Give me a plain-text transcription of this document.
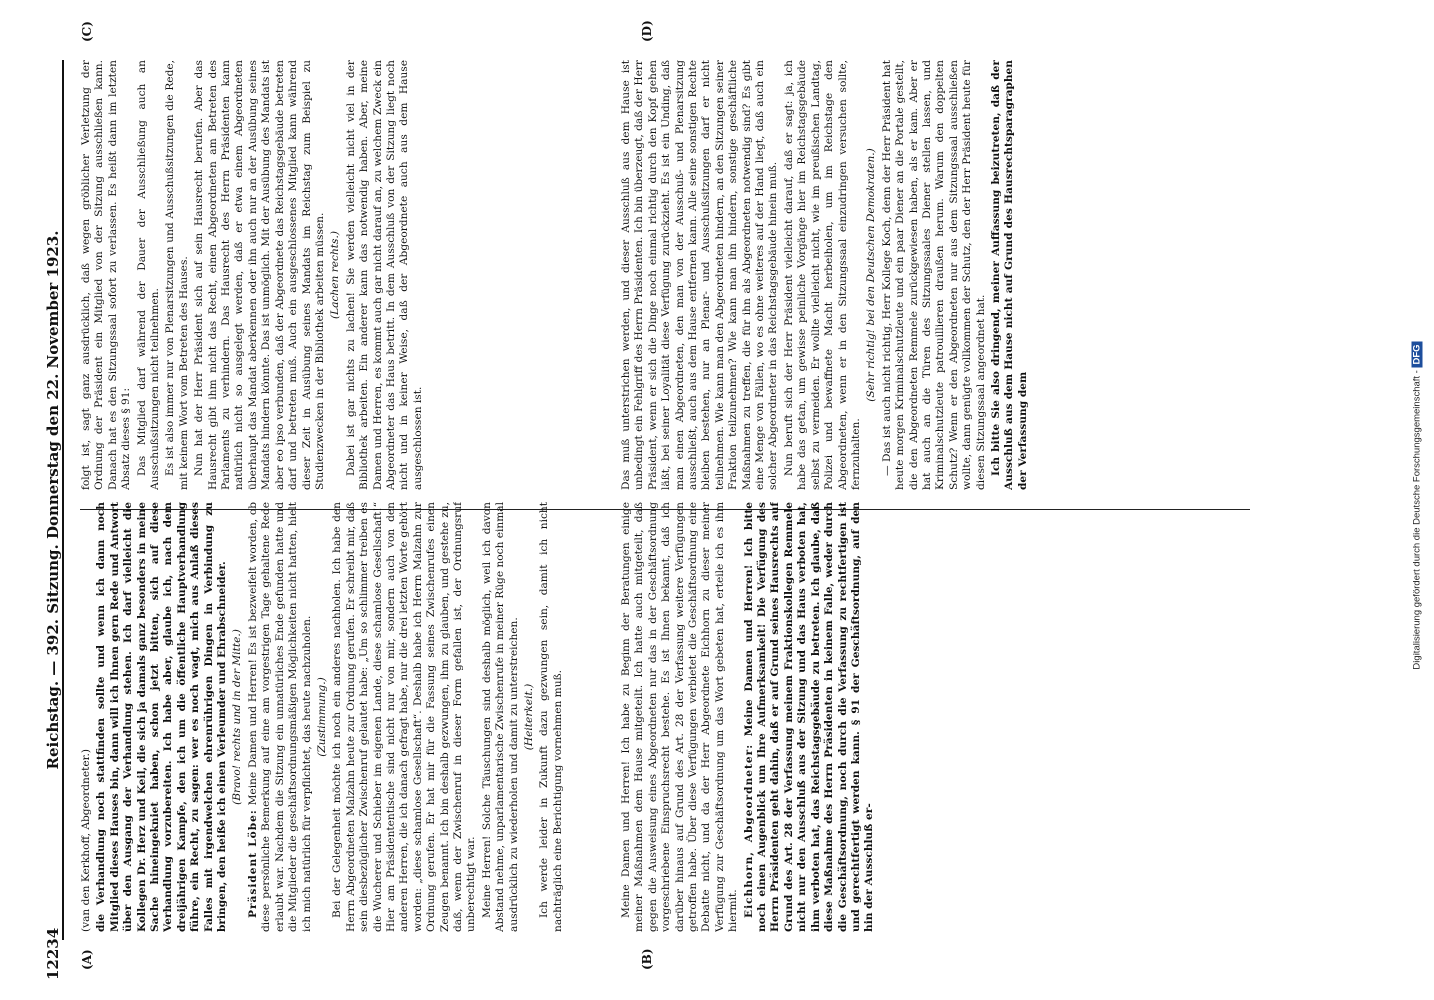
12234
Reichstag. — 392. Sitzung. Donnerstag den 22. November 1923.
(A)	(B)
(C)	(D)

(van den Kerkhoff, Abgeordneter.) die Verhandlung noch stattfinden sollte und wenn ich dann noch Mitglied dieses Hauses bin, dann will ich Ihnen gern Rede und Antwort über den Ausgang der Verhandlung stehen. Ich darf vielleicht die Kollegen Dr. Herz und Keil, die sich ja damals ganz besonders in meine Sache hineingekniet haben, schon jetzt bitten, sich auf diese Verhandlung vorzubereiten. Ich habe aber, glaube ich, nach dem dreijährigen Kampfe, den ich um die öffentliche Hauptverhandlung führe, ein Recht, zu sagen: wer es noch wagt, mich aus Anlaß dieses Falles mit irgendwelchen ehrenrührigen Dingen in Verbindung zu bringen, den heiße ich einen Verleumder und Ehrabschneider. (Bravo! rechts und in der Mitte.)

Präsident Löbe: Meine Damen und Herren! Es ist bezweifelt worden, ob diese persönliche Bemerkung auf eine am vorgestrigen Tage gehaltene Rede erlaubt war. Nachdem die Sitzung ein unnatürliches Ende gefunden hatte und die Mitglieder die geschäftsordnungsmäßigen Möglichkeiten nicht hatten, hielt ich mich natürlich für verpflichtet, das heute nachzuholen. (Zustimmung.) Bei der Gelegenheit möchte ich noch ein anderes nachholen. Ich habe den Herrn Abgeordneten Malzahn heute zur Ordnung gerufen. Er schreibt mir, daß sein diesbezüglicher Zwischenruf gelautet habe: „Um so schlimmer treiben es die Wucherer und Schieber im eigenen Lande, diese schamlose Gesellschaft!“ Hier am Präsidententische sind nicht nur von mir, sondern auch von den anderen Herren, die ich danach gefragt habe, nur die drei letzten Worte gehört worden: „diese schamlose Gesellschaft“. Deshalb habe ich Herrn Malzahn zur Ordnung gerufen. Er hat mir für die Fassung seines Zwischenrufes einen Zeugen benannt. Ich bin deshalb gezwungen, ihm zu glauben, und gestehe zu, daß, wenn der Zwischenruf in dieser Form gefallen ist, der Ordnungsruf unberechtigt war. Meine Herren! Solche Täuschungen sind deshalb möglich, weil ich davon Abstand nehme, unparlamentarische Zwischenrufe in meiner Rüge noch einmal ausdrücklich zu wiederholen und damit zu unterstreichen. (Heiterkeit.) Ich werde leider in Zukunft dazu gezwungen sein, damit ich nicht nachträglich eine Berichtigung vornehmen muß.	Meine Damen und Herren! Ich habe zu Beginn der Beratungen einige meiner Maßnahmen dem Hause mitgeteilt. Ich hatte auch mitgeteilt, daß gegen die Ausweisung eines Abgeordneten nur das in der Geschäftsordnung vorgeschriebene Einspruchsrecht bestehe. Es ist Ihnen bekannt, daß ich darüber hinaus auf Grund des Art. 28 der Verfassung weitere Verfügungen getroffen habe. Über diese Verfügungen verbietet die Geschäftsordnung eine Debatte nicht, und da der Herr Abgeordnete Eichhorn zu dieser meiner Verfügung zur Geschäftsordnung um das Wort gebeten hat, erteile ich es ihm hiermit. Eichhorn, Abgeordneter: Meine Damen und Herren! Ich bitte noch einen Augenblick um Ihre Aufmerksamkeit! Die Verfügung des Herrn Präsidenten geht dahin, daß er auf Grund seines Hausrechts auf Grund des Art. 28 der Verfassung meinem Fraktionskollegen Remmele nicht nur den Ausschluß aus der Sitzung und das Haus verboten hat, ihm verboten hat, das Reichstagsgebäude zu betreten. Ich glaube, daß diese Maßnahme des Herrn Präsidenten in keinem Falle, weder durch die Geschäftsordnung, noch durch die Verfassung zu rechtfertigen ist und gerechtfertigt werden kann. § 91 der Geschäftsordnung, auf den hin der Ausschluß er-

folgt ist, sagt ganz ausdrücklich, daß wegen gröblicher Verletzung der Ordnung der Präsident ein Mitglied von der Sitzung ausschließen kann. Danach hat es den Sitzungssaal sofort zu verlassen. Es heißt dann im letzten Absatz dieses § 91: Das Mitglied darf während der Dauer der Ausschließung auch an Ausschußsitzungen nicht teilnehmen. Es ist also immer nur von Plenarsitzungen und Ausschußsitzungen die Rede, mit keinem Wort vom Betreten des Hauses. Nun hat der Herr Präsident sich auf sein Hausrecht berufen. Aber das Hausrecht gibt ihm nicht das Recht, einen Abgeordneten am Betreten des Parlaments zu verhindern. Das Hausrecht des Herrn Präsidenten kann natürlich nicht so ausgelegt werden, daß er etwa einem Abgeordneten überhaupt das Mandat aberkennen oder ihn auch nur an der Ausübung seines Mandats hindern könnte. Das ist unmöglich. Mit der Ausübung des Mandats ist aber eo ipso verbunden, daß der Abgeordnete das Reichstagsgebäude betreten darf und betreten muß. Auch ein ausgeschlossenes Mitglied kann während dieser Zeit in Ausübung seines Mandats im Reichstag zum Beispiel zu Studienzwecken in der Bibliothek arbeiten müssen. (Lachen rechts.) Dabei ist gar nichts zu lachen! Sie werden vielleicht nicht viel in der Bibliothek arbeiten. Ein anderer kann das notwendig haben. Aber, meine Damen und Herren, es kommt auch gar nicht darauf an, zu welchem Zweck ein Abgeordneter das Haus betritt. In dem Ausschluß von der Sitzung liegt noch nicht und in keiner Weise, daß der Abgeordnete auch aus dem Hause ausgeschlossen ist.	Das muß unterstrichen werden, und dieser Ausschluß aus dem Hause ist unbedingt ein Fehlgriff des Herrn Präsidenten. Ich bin überzeugt, daß der Herr Präsident, wenn er sich die Dinge noch einmal richtig durch den Kopf gehen läßt, bei seiner Loyalität diese Verfügung zurückzieht. Es ist ein Unding, daß man einen Abgeordneten, den man von der Ausschuß- und Plenarsitzung ausschließt, auch aus dem Hause entfernen kann. Alle seine sonstigen Rechte bleiben bestehen, nur an Plenar- und Ausschußsitzungen darf er nicht teilnehmen. Wie kann man den Abgeordneten hindern, an den Sitzungen seiner Fraktion teilzunehmen? Wie kann man ihn hindern, sonstige geschäftliche Maßnahmen zu treffen, die für ihn als Abgeordneten notwendig sind? Es gibt eine Menge von Fällen, wo es ohne weiteres auf der Hand liegt, daß auch ein solcher Abgeordneter in das Reichstagsgebäude hinein muß. Nun beruft sich der Herr Präsident vielleicht darauf, daß er sagt: ja, ich habe das getan, um gewisse peinliche Vorgänge hier im Reichstagsgebäude selbst zu vermeiden. Er wollte vielleicht nicht, wie im preußischen Landtag, Polizei und bewaffnete Macht herbeiholen, um im Reichstage den Abgeordneten, wenn er in den Sitzungssaal einzudringen versuchen sollte, fernzuhalten.

(Sehr richtig! bei den Deutschen Demokraten.) — Das ist auch nicht richtig, Herr Kollege Koch, denn der Herr Präsident hat heute morgen Kriminalschutzleute und ein paar Diener an die Portale gestellt, die den Abgeordneten Remmele zurückgewiesen haben, als er kam. Aber er hat auch an die Türen des Sitzungssaales Diener stellen lassen, und Kriminalschutzleute patrouillieren draußen herum. Warum den doppelten Schutz? Wenn er den Abgeordneten nur aus dem Sitzungssaal ausschließen wollte, dann genügte vollkommen der Schutz, den der Herr Präsident heute für diesen Sitzungssaal angeordnet hat. Ich bitte Sie also dringend, meiner Auffassung beizutreten, daß der Ausschluß aus dem Hause nicht auf Grund des Hausrechtsparagraphen der Verfassung dem	Digitalisierung gefördert durch die Deutsche Forschungsgemeinschaft - DFG
